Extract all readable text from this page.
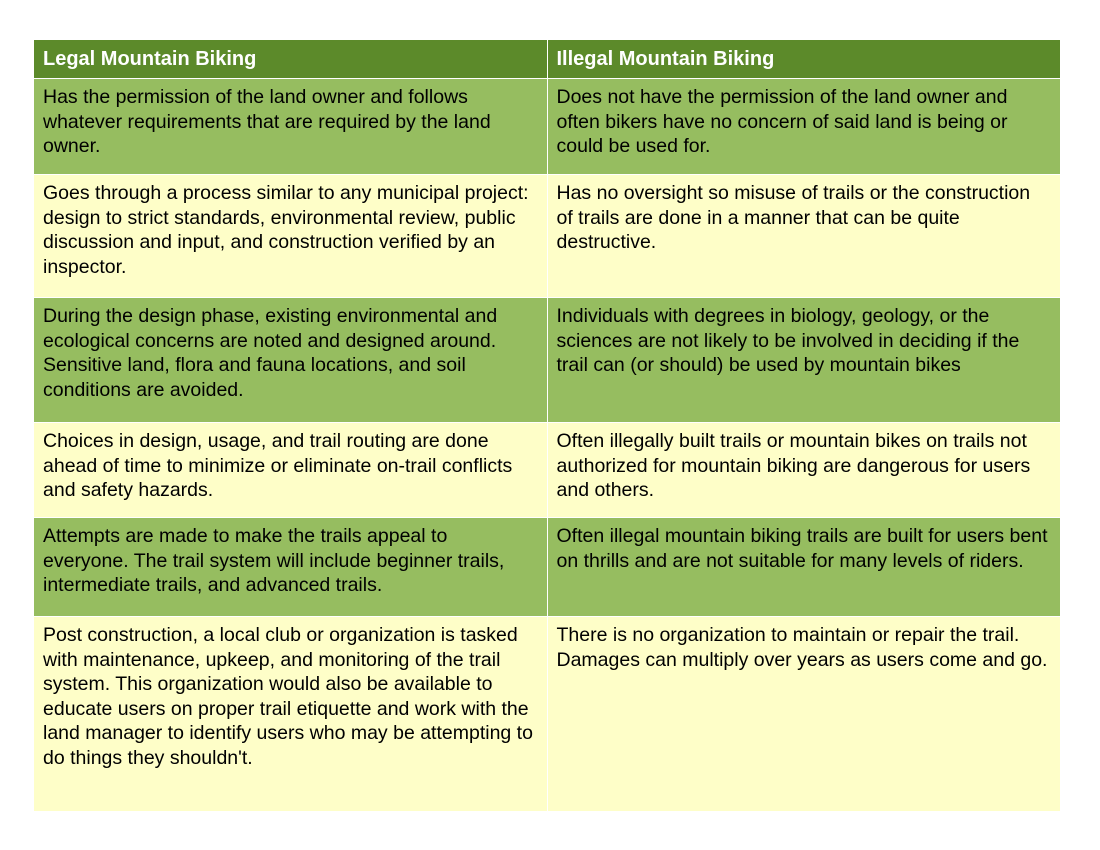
Legal Mountain Biking	Illegal Mountain Biking
Has the permission of the land owner and follows whatever requirements that are required by the land owner.	Does not have the permission of the land owner and often bikers have no concern of said land is being or could be used for.
Goes through a process similar to any municipal project: design to strict standards, environmental review, public discussion and input, and construction verified by an inspector.	Has no oversight so misuse of trails or the construction of trails are done in a manner that can be quite destructive.
During the design phase, existing environmental and ecological concerns are noted and designed around. Sensitive land, flora and fauna locations, and soil conditions are avoided.	Individuals with degrees in biology, geology, or the sciences are not likely to be involved in deciding if the trail can (or should) be used by mountain bikes
Choices in design, usage, and trail routing are done ahead of time to minimize or eliminate on-trail conflicts and safety hazards.	Often illegally built trails or mountain bikes on trails not authorized for mountain biking are dangerous for users and others.
Attempts are made to make the trails appeal to everyone. The trail system will include beginner trails, intermediate trails, and advanced trails.	Often illegal mountain biking trails are built for users bent on thrills and are not suitable for many levels of riders.
Post construction, a local club or organization is tasked with maintenance, upkeep, and monitoring of the trail system. This organization would also be available to educate users on proper trail etiquette and work with the land manager to identify users who may be attempting to do things they shouldn't.	There is no organization to maintain or repair the trail. Damages can multiply over years as users come and go.
